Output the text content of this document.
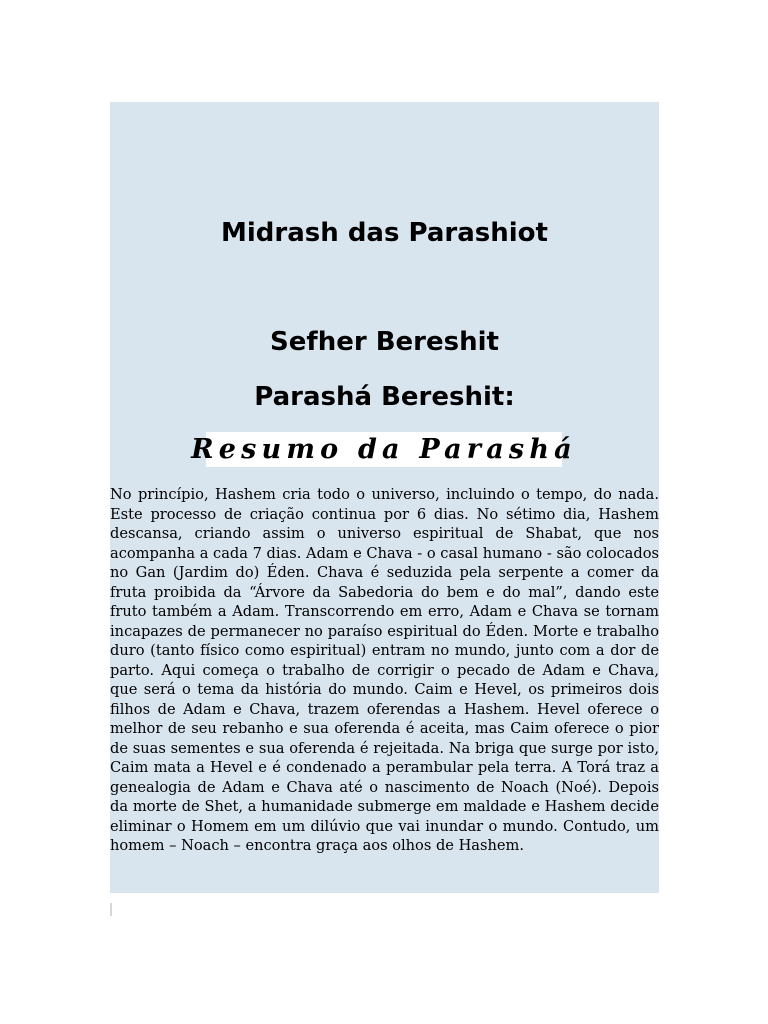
Midrash das Parashiot
Sefher Bereshit
Parashá Bereshit:
Resumo da Parashá
No princípio, Hashem cria todo o universo, incluindo o tempo, do nada. Este processo de criação continua por 6 dias. No sétimo dia, Hashem descansa, criando assim o universo espiritual de Shabat, que nos acompanha a cada 7 dias. Adam e Chava - o casal humano - são colocados no Gan (Jardim do) Éden. Chava é seduzida pela serpente a comer da fruta proibida da “Árvore da Sabedoria do bem e do mal”, dando este fruto também a Adam. Transcorrendo em erro, Adam e Chava se tornam incapazes de permanecer no paraíso espiritual do Éden. Morte e trabalho duro (tanto físico como espiritual) entram no mundo, junto com a dor de parto. Aqui começa o trabalho de corrigir o pecado de Adam e Chava, que será o tema da história do mundo. Caim e Hevel, os primeiros dois filhos de Adam e Chava, trazem oferendas a Hashem. Hevel oferece o melhor de seu rebanho e sua oferenda é aceita, mas Caim oferece o pior de suas sementes e sua oferenda é rejeitada. Na briga que surge por isto, Caim mata a Hevel e é condenado a perambular pela terra. A Torá traz a genealogia de Adam e Chava até o nascimento de Noach (Noé). Depois da morte de Shet, a humanidade submerge em maldade e Hashem decide eliminar o Homem em um dilúvio que vai inundar o mundo. Contudo, um homem – Noach – encontra graça aos olhos de Hashem.
